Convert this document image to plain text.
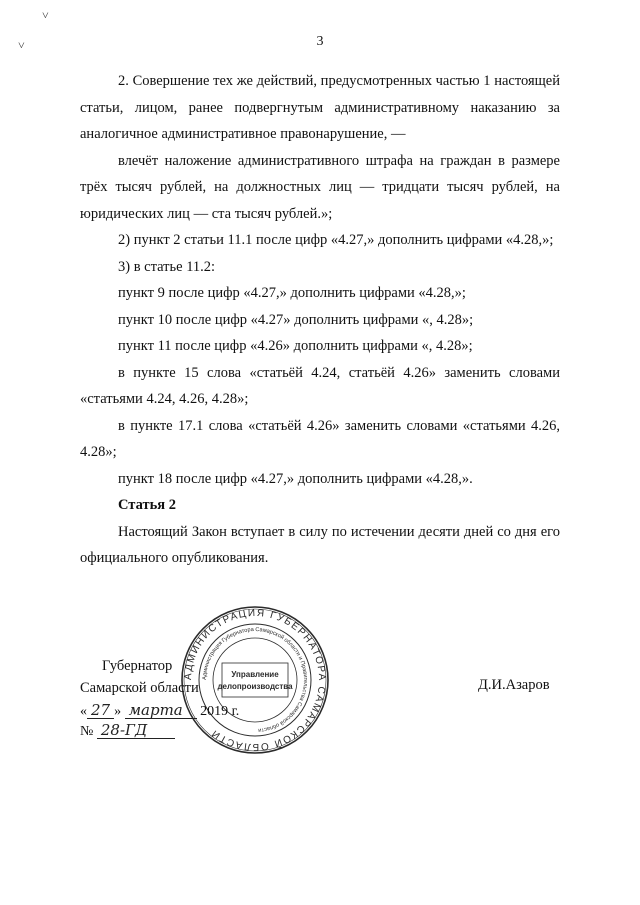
˅
˅	3

2. Совершение тех же действий, предусмотренных частью 1 настоящей статьи, лицом, ранее подвергнутым административному наказанию за аналогичное административное правонарушение, —

влечёт наложение административного штрафа на граждан в размере трёх тысяч рублей, на должностных лиц — тридцати тысяч рублей, на юридических лиц — ста тысяч рублей.»;

2) пункт 2 статьи 11.1 после цифр «4.27,» дополнить цифрами «4.28,»;

3) в статье 11.2:

пункт 9 после цифр «4.27,» дополнить цифрами «4.28,»;

пункт 10 после цифр «4.27» дополнить цифрами «, 4.28»;

пункт 11 после цифр «4.26» дополнить цифрами «, 4.28»;

в пункте 15 слова «статьёй 4.24, статьёй 4.26» заменить словами «статьями 4.24, 4.26, 4.28»;

в пункте 17.1 слова «статьёй 4.26» заменить словами «статьями 4.26, 4.28»;

пункт 18 после цифр «4.27,» дополнить цифрами «4.28,».

Статья 2

Настоящий Закон вступает в силу по истечении десяти дней со дня его официального опубликования.

АДМИНИСТРАЦИЯ ГУБЕРНАТОРА САМАРСКОЙ ОБЛАСТИ
Администрация Губернатора Самарской области и Правительства Самарской области
Управление
делопроизводства
Губернатор
Самарской области	Д.И.Азаров
« 27 » марта 2019 г.
№ 28-ГД
